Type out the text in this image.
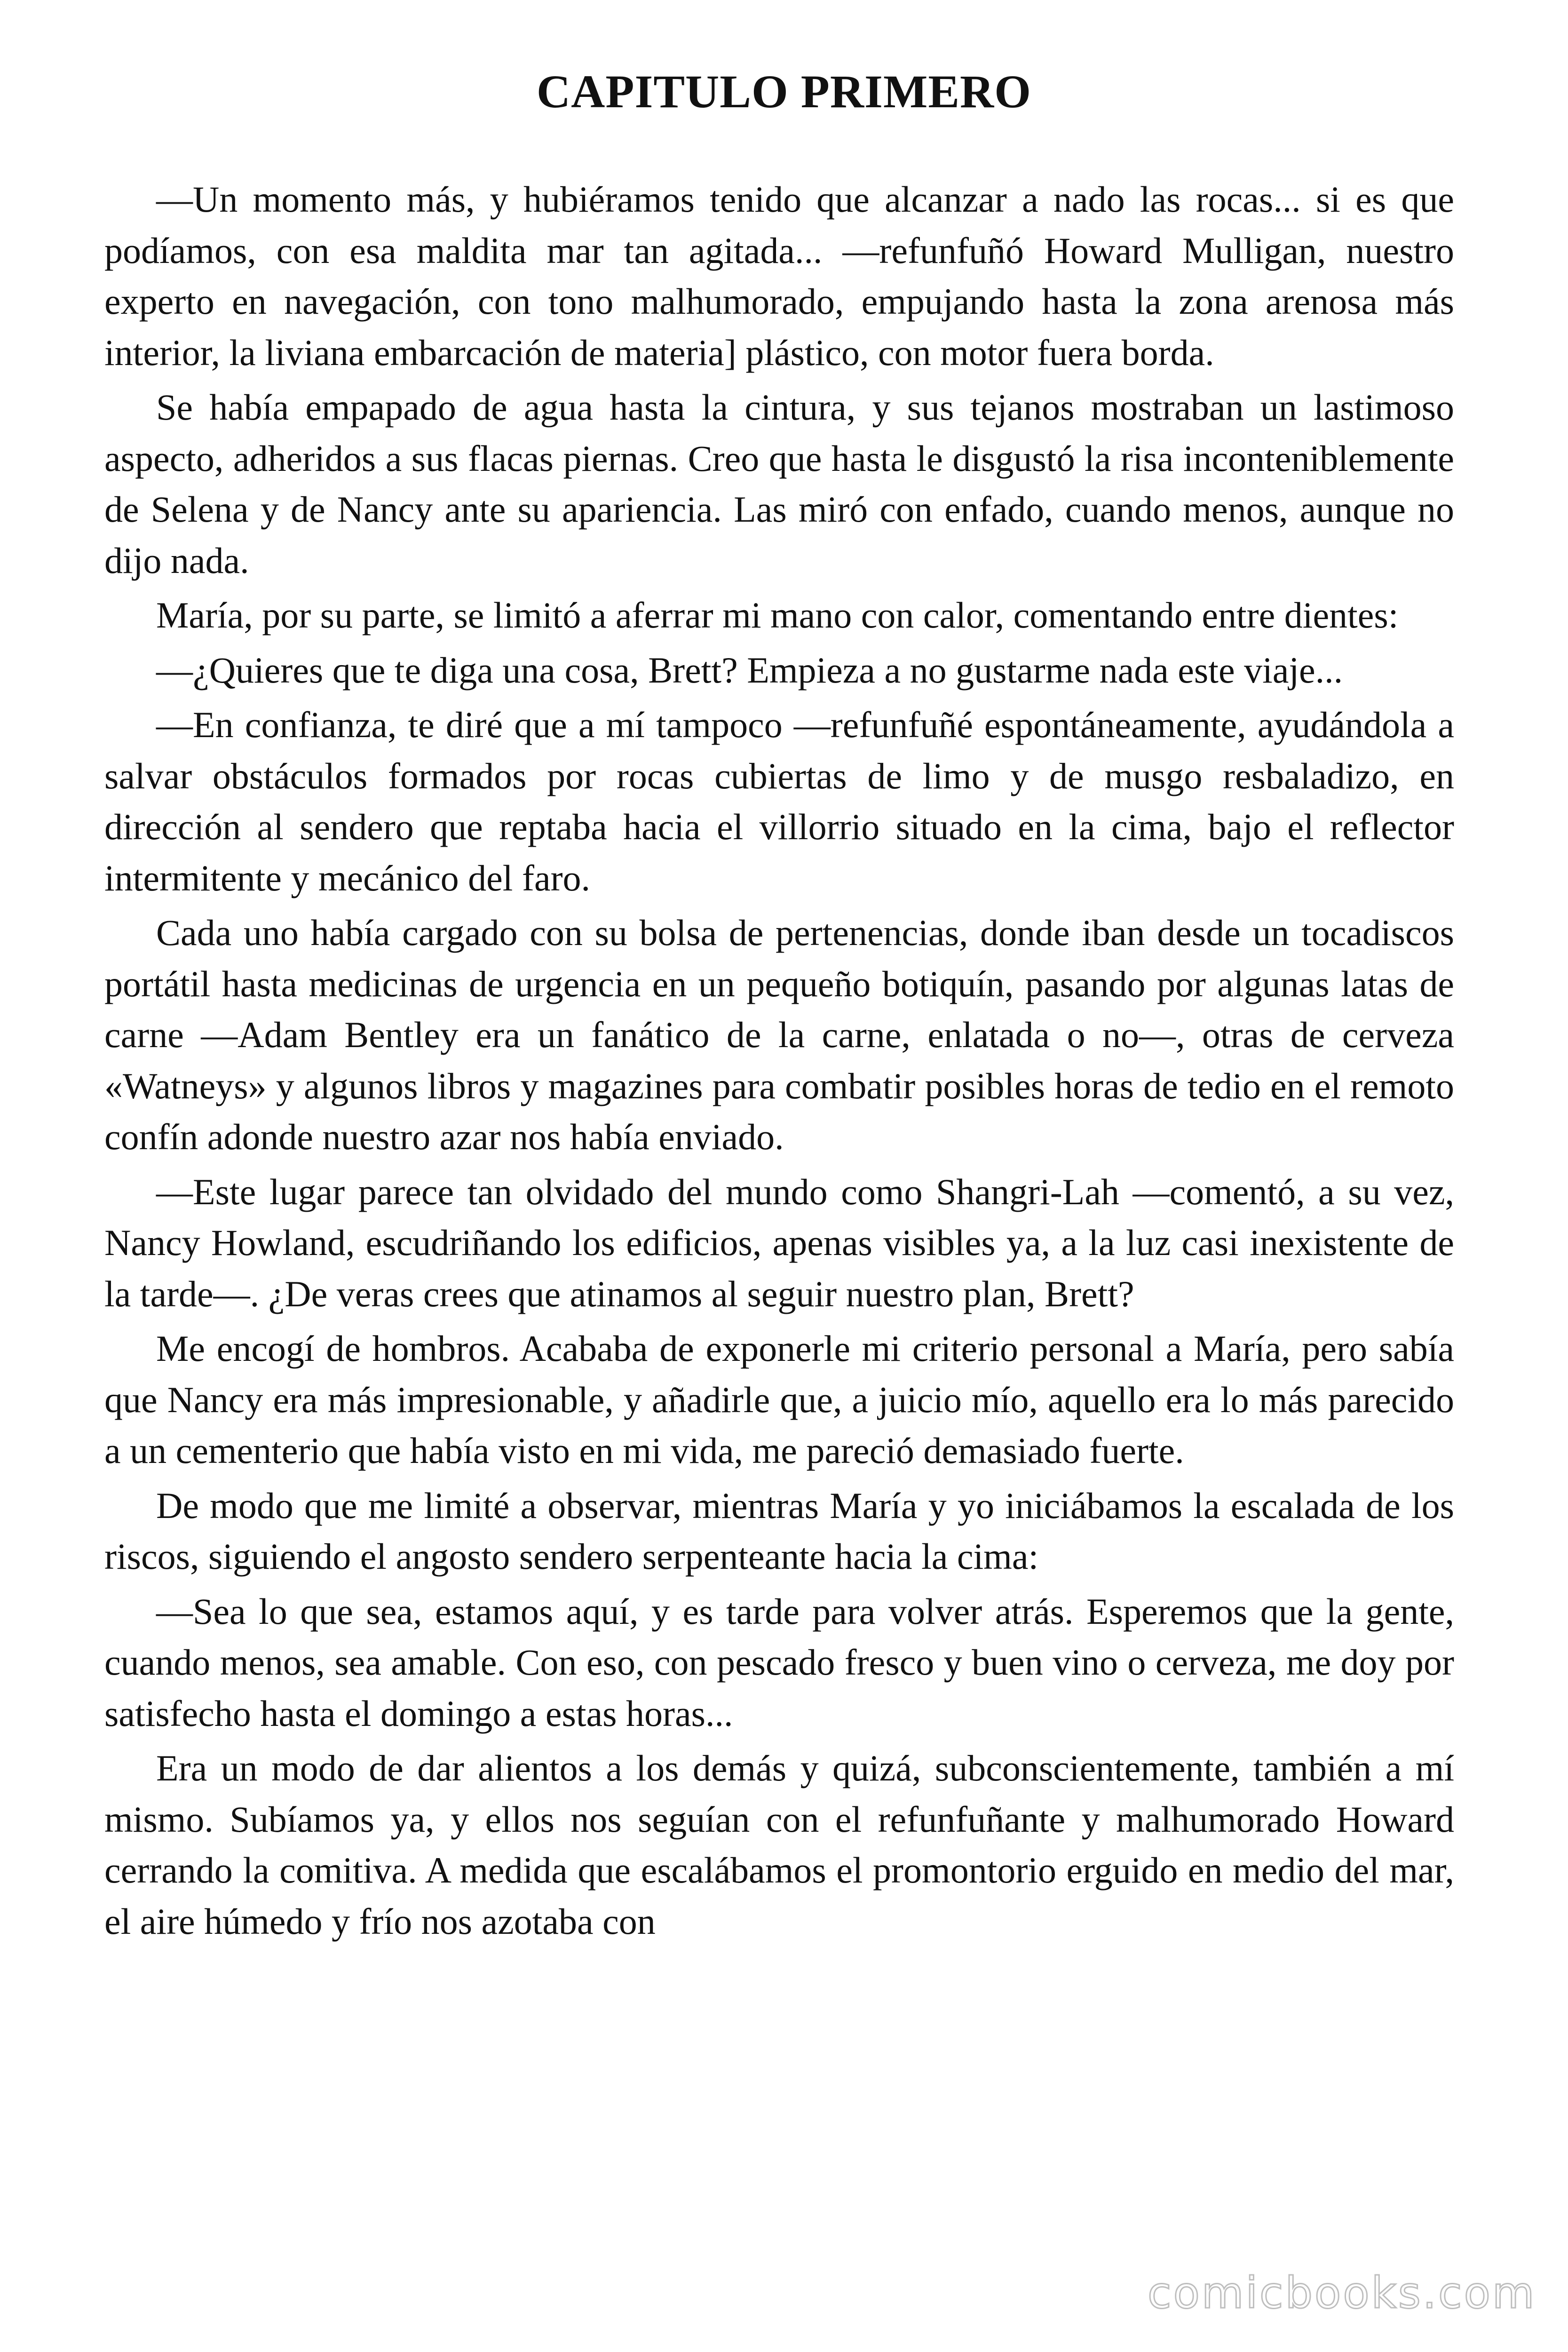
CAPITULO PRIMERO

—Un momento más, y hubiéramos tenido que alcanzar a nado las rocas... si es que podíamos, con esa maldita mar tan agitada... —refunfuñó Howard Mulligan, nuestro experto en navegación, con tono malhumorado, empujando hasta la zona arenosa más interior, la liviana embarcación de materia] plástico, con motor fuera borda.

Se había empapado de agua hasta la cintura, y sus tejanos mostraban un lastimoso aspecto, adheridos a sus flacas piernas. Creo que hasta le disgustó la risa inconteniblemente de Selena y de Nancy ante su apariencia. Las miró con enfado, cuando menos, aunque no dijo nada.

María, por su parte, se limitó a aferrar mi mano con calor, comentando entre dientes:

—¿Quieres que te diga una cosa, Brett? Empieza a no gustarme nada este viaje...

—En confianza, te diré que a mí tampoco —refunfuñé espontáneamente, ayudándola a salvar obstáculos formados por rocas cubiertas de limo y de musgo resbaladizo, en dirección al sendero que reptaba hacia el villorrio situado en la cima, bajo el reflector intermitente y mecánico del faro.

Cada uno había cargado con su bolsa de pertenencias, donde iban desde un tocadiscos portátil hasta medicinas de urgencia en un pequeño botiquín, pasando por algunas latas de carne —Adam Bentley era un fanático de la carne, enlatada o no—, otras de cerveza «Watneys» y algunos libros y magazines para combatir posibles horas de tedio en el remoto confín adonde nuestro azar nos había enviado.

—Este lugar parece tan olvidado del mundo como Shangri-Lah —comentó, a su vez, Nancy Howland, escudriñando los edificios, apenas visibles ya, a la luz casi inexistente de la tarde—. ¿De veras crees que atinamos al seguir nuestro plan, Brett?

Me encogí de hombros. Acababa de exponerle mi criterio personal a María, pero sabía que Nancy era más impresionable, y añadirle que, a juicio mío, aquello era lo más parecido a un cementerio que había visto en mi vida, me pareció demasiado fuerte.

De modo que me limité a observar, mientras María y yo iniciábamos la escalada de los riscos, siguiendo el angosto sendero serpenteante hacia la cima:

—Sea lo que sea, estamos aquí, y es tarde para volver atrás. Esperemos que la gente, cuando menos, sea amable. Con eso, con pescado fresco y buen vino o cerveza, me doy por satisfecho hasta el domingo a estas horas...

Era un modo de dar alientos a los demás y quizá, subconscientemente, también a mí mismo. Subíamos ya, y ellos nos seguían con el refunfuñante y malhumorado Howard cerrando la comitiva. A medida que escalábamos el promontorio erguido en medio del mar, el aire húmedo y frío nos azotaba con

comicbooks.com
